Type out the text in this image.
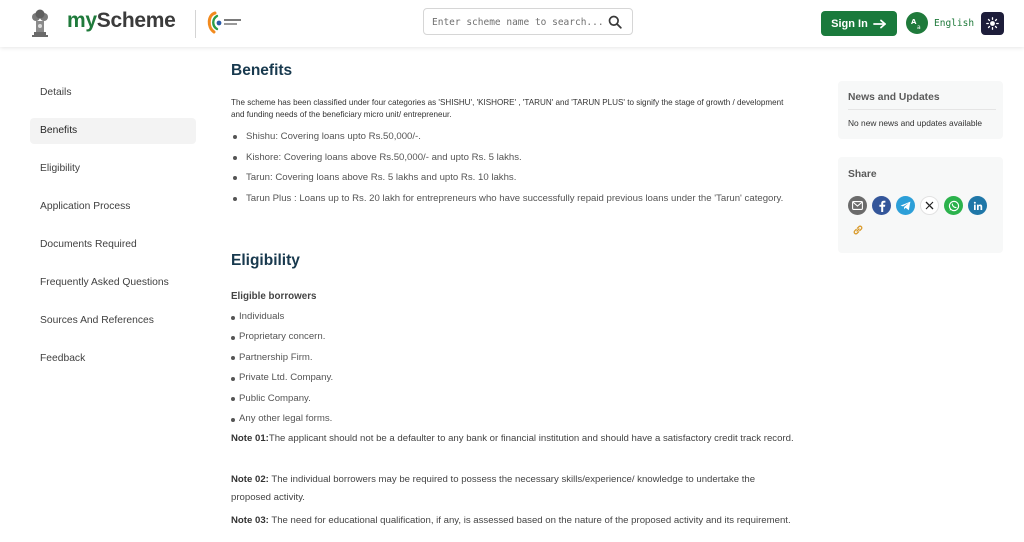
myScheme
Enter scheme name to search...	Sign In	A
a English
Details
Benefits
Eligibility
Application Process
Documents Required
Frequently Asked Questions
Sources And References
Feedback
Benefits

The scheme has been classified under four categories as 'SHISHU', 'KISHORE' , 'TARUN' and 'TARUN PLUS' to signify the stage of growth / development and funding needs of the beneficiary micro unit/ entrepreneur.

Shishu: Covering loans upto Rs.50,000/-.
Kishore: Covering loans above Rs.50,000/- and upto Rs. 5 lakhs.
Tarun: Covering loans above Rs. 5 lakhs and upto Rs. 10 lakhs.
Tarun Plus : Loans up to Rs. 20 lakh for entrepreneurs who have successfully repaid previous loans under the 'Tarun' category.
Eligibility
Eligible borrowers
Individuals
Proprietary concern.
Partnership Firm.
Private Ltd. Company.
Public Company.
Any other legal forms.

Note 01:The applicant should not be a defaulter to any bank or financial institution and should have a satisfactory credit track record.

Note 02: The individual borrowers may be required to possess the necessary skills/experience/ knowledge to undertake the proposed activity.

Note 03: The need for educational qualification, if any, is assessed based on the nature of the proposed activity and its requirement.

News and Updates
No new news and updates available
Share
